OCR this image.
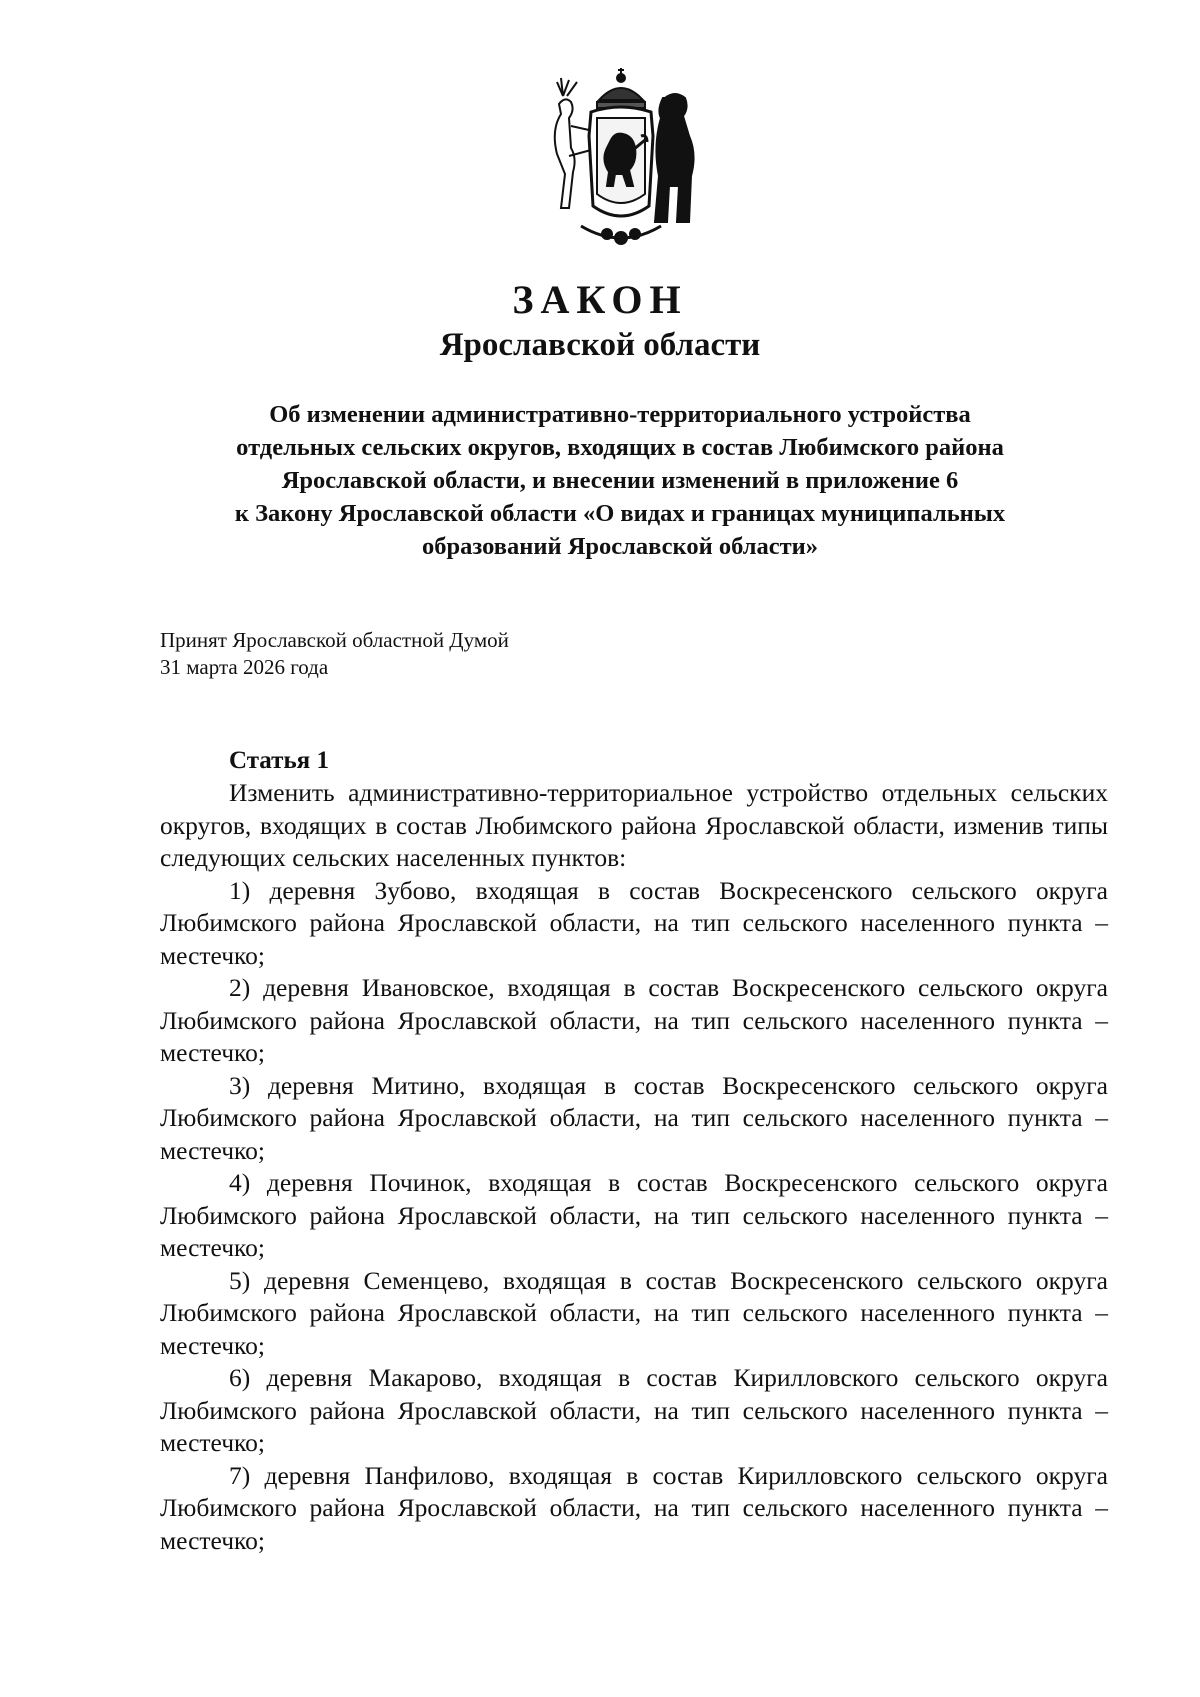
ЗАКОН
Ярославской области
Об изменении административно-территориального устройства
отдельных сельских округов, входящих в состав Любимского района
Ярославской области, и внесении изменений в приложение 6
к Закону Ярославской области «О видах и границах муниципальных
образований Ярославской области»
Принят Ярославской областной Думой
31 марта 2026 года
Статья 1

Изменить административно-территориальное устройство отдельных сельских округов, входящих в состав Любимского района Ярославской области, изменив типы следующих сельских населенных пунктов:

1) деревня Зубово, входящая в состав Воскресенского сельского округа Любимского района Ярославской области, на тип сельского населенного пункта – местечко;

2) деревня Ивановское, входящая в состав Воскресенского сельского округа Любимского района Ярославской области, на тип сельского населенного пункта – местечко;

3) деревня Митино, входящая в состав Воскресенского сельского округа Любимского района Ярославской области, на тип сельского населенного пункта – местечко;

4) деревня Починок, входящая в состав Воскресенского сельского округа Любимского района Ярославской области, на тип сельского населенного пункта – местечко;

5) деревня Семенцево, входящая в состав Воскресенского сельского округа Любимского района Ярославской области, на тип сельского населенного пункта – местечко;

6) деревня Макарово, входящая в состав Кирилловского сельского округа Любимского района Ярославской области, на тип сельского населенного пункта – местечко;

7) деревня Панфилово, входящая в состав Кирилловского сельского округа Любимского района Ярославской области, на тип сельского населенного пункта – местечко;
